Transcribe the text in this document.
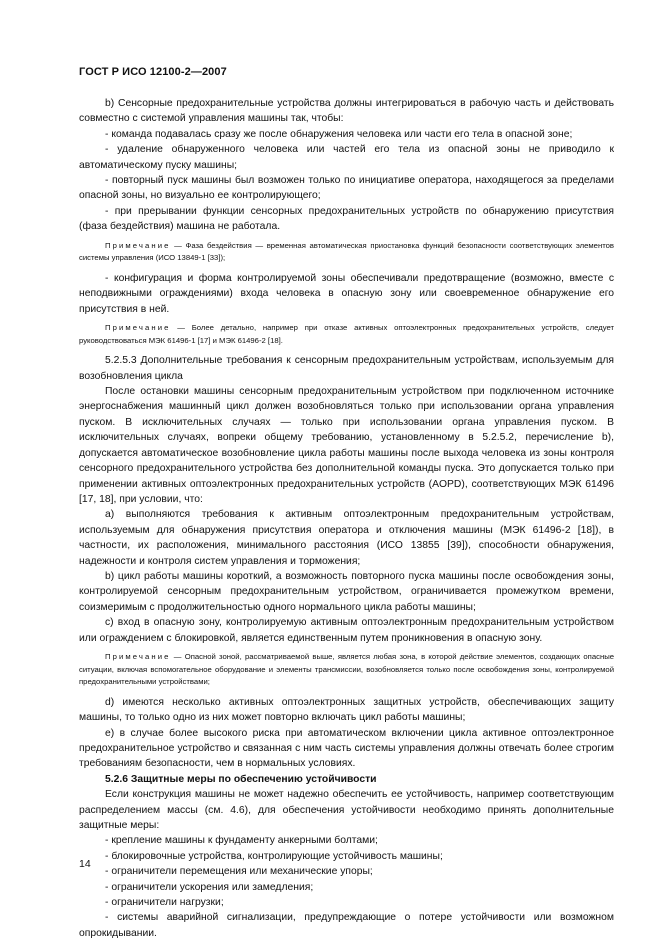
ГОСТ Р ИСО 12100-2—2007

b) Сенсорные предохранительные устройства должны интегрироваться в рабочую часть и действовать совместно с системой управления машины так, чтобы:

- команда подавалась сразу же после обнаружения человека или части его тела в опасной зоне;

- удаление обнаруженного человека или частей его тела из опасной зоны не приводило к автоматическому пуску машины;

- повторный пуск машины был возможен только по инициативе оператора, находящегося за пределами опасной зоны, но визуально ее контролирующего;

- при прерывании функции сенсорных предохранительных устройств по обнаружению присутствия (фаза бездействия) машина не работала.

Примечание — Фаза бездействия — временная автоматическая приостановка функций безопасности соответствующих элементов системы управления (ИСО 13849-1 [33]);

- конфигурация и форма контролируемой зоны обеспечивали предотвращение (возможно, вместе с неподвижными ограждениями) входа человека в опасную зону или своевременное обнаружение его присутствия в ней.

Примечание — Более детально, например при отказе активных оптоэлектронных предохранительных устройств, следует руководствоваться МЭК 61496-1 [17] и МЭК 61496-2 [18].

5.2.5.3 Дополнительные требования к сенсорным предохранительным устройствам, используемым для возобновления цикла

После остановки машины сенсорным предохранительным устройством при подключенном источнике энергоснабжения машинный цикл должен возобновляться только при использовании органа управления пуском. В исключительных случаях — только при использовании органа управления пуском. В исключительных случаях, вопреки общему требованию, установленному в 5.2.5.2, перечисление b), допускается автоматическое возобновление цикла работы машины после выхода человека из зоны контроля сенсорного предохранительного устройства без дополнительной команды пуска. Это допускается только при применении активных оптоэлектронных предохранительных устройств (AOPD), соответствующих МЭК 61496 [17, 18], при условии, что:

a) выполняются требования к активным оптоэлектронным предохранительным устройствам, используемым для обнаружения присутствия оператора и отключения машины (МЭК 61496-2 [18]), в частности, их расположения, минимального расстояния (ИСО 13855 [39]), способности обнаружения, надежности и контроля систем управления и торможения;

b) цикл работы машины короткий, а возможность повторного пуска машины после освобождения зоны, контролируемой сенсорным предохранительным устройством, ограничивается промежутком времени, соизмеримым с продолжительностью одного нормального цикла работы машины;

c) вход в опасную зону, контролируемую активным оптоэлектронным предохранительным устройством или ограждением с блокировкой, является единственным путем проникновения в опасную зону.

Примечание — Опасной зоной, рассматриваемой выше, является любая зона, в которой действие элементов, создающих опасные ситуации, включая вспомогательное оборудование и элементы трансмиссии, возобновляется только после освобождения зоны, контролируемой предохранительными устройствами;

d) имеются несколько активных оптоэлектронных защитных устройств, обеспечивающих защиту машины, то только одно из них может повторно включать цикл работы машины;

e) в случае более высокого риска при автоматическом включении цикла активное оптоэлектронное предохранительное устройство и связанная с ним часть системы управления должны отвечать более строгим требованиям безопасности, чем в нормальных условиях.

5.2.6 Защитные меры по обеспечению устойчивости

Если конструкция машины не может надежно обеспечить ее устойчивость, например соответствующим распределением массы (см. 4.6), для обеспечения устойчивости необходимо принять дополнительные защитные меры:

- крепление машины к фундаменту анкерными болтами;

- блокировочные устройства, контролирующие устойчивость машины;

- ограничители перемещения или механические упоры;

- ограничители ускорения или замедления;

- ограничители нагрузки;

- системы аварийной сигнализации, предупреждающие о потере устойчивости или возможном опрокидывании.

14
